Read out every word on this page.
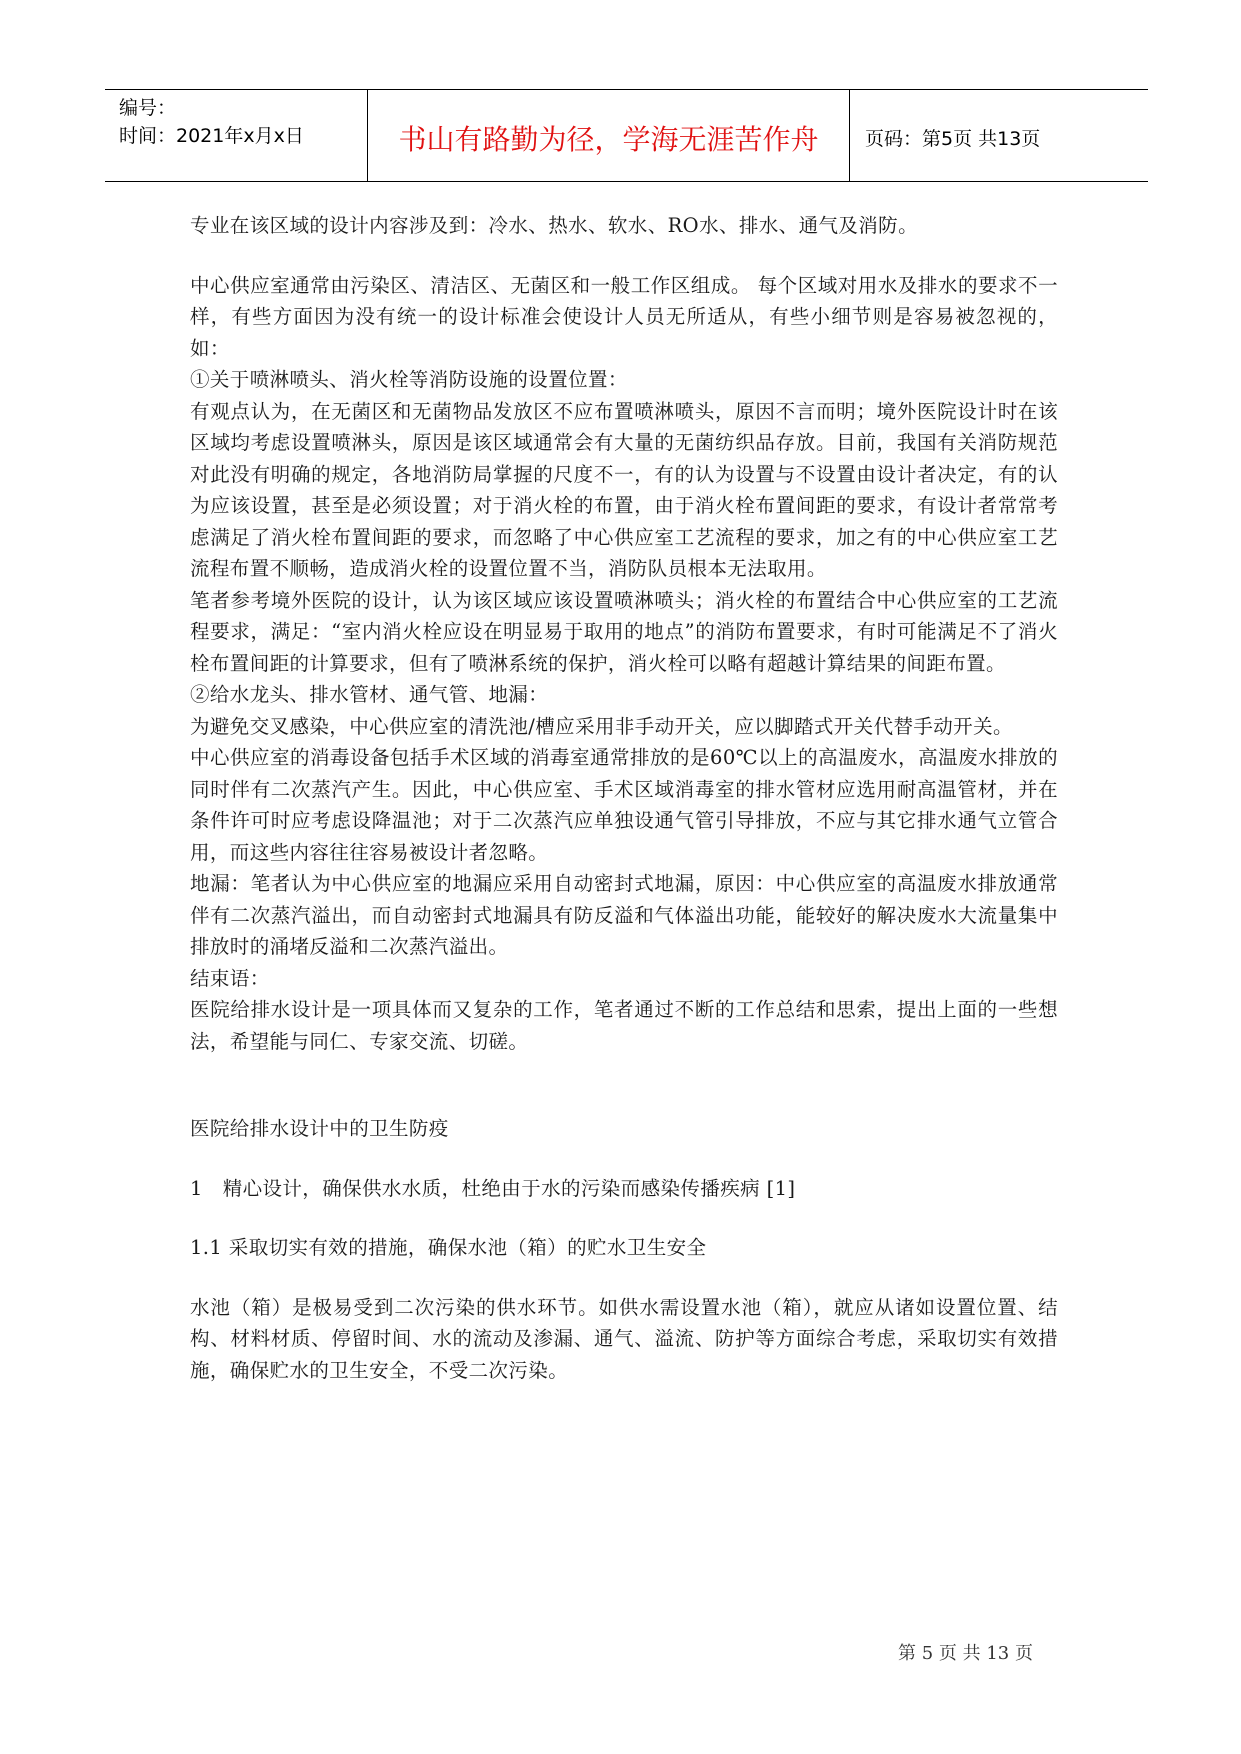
编号：
时间：2021年x月x日	书山有路勤为径，学海无涯苦作舟	页码：第5页 共13页

专业在该区域的设计内容涉及到：冷水、热水、软水、RO水、排水、通气及消防。

中心供应室通常由污染区、清洁区、无菌区和一般工作区组成。 每个区域对用水及排水的要求不一样，有些方面因为没有统一的设计标准会使设计人员无所适从，有些小细节则是容易被忽视的，如：

①关于喷淋喷头、消火栓等消防设施的设置位置：

有观点认为，在无菌区和无菌物品发放区不应布置喷淋喷头，原因不言而明；境外医院设计时在该区域均考虑设置喷淋头，原因是该区域通常会有大量的无菌纺织品存放。目前，我国有关消防规范对此没有明确的规定，各地消防局掌握的尺度不一，有的认为设置与不设置由设计者决定，有的认为应该设置，甚至是必须设置；对于消火栓的布置，由于消火栓布置间距的要求，有设计者常常考虑满足了消火栓布置间距的要求，而忽略了中心供应室工艺流程的要求，加之有的中心供应室工艺流程布置不顺畅，造成消火栓的设置位置不当，消防队员根本无法取用。

笔者参考境外医院的设计，认为该区域应该设置喷淋喷头；消火栓的布置结合中心供应室的工艺流程要求，满足：“室内消火栓应设在明显易于取用的地点”的消防布置要求，有时可能满足不了消火栓布置间距的计算要求，但有了喷淋系统的保护，消火栓可以略有超越计算结果的间距布置。

②给水龙头、排水管材、通气管、地漏：

为避免交叉感染，中心供应室的清洗池/槽应采用非手动开关，应以脚踏式开关代替手动开关。

中心供应室的消毒设备包括手术区域的消毒室通常排放的是60℃以上的高温废水，高温废水排放的同时伴有二次蒸汽产生。因此，中心供应室、手术区域消毒室的排水管材应选用耐高温管材，并在条件许可时应考虑设降温池；对于二次蒸汽应单独设通气管引导排放，不应与其它排水通气立管合用，而这些内容往往容易被设计者忽略。

地漏：笔者认为中心供应室的地漏应采用自动密封式地漏，原因：中心供应室的高温废水排放通常伴有二次蒸汽溢出，而自动密封式地漏具有防反溢和气体溢出功能，能较好的解决废水大流量集中排放时的涌堵反溢和二次蒸汽溢出。

结束语：

医院给排水设计是一项具体而又复杂的工作，笔者通过不断的工作总结和思索，提出上面的一些想法，希望能与同仁、专家交流、切磋。

医院给排水设计中的卫生防疫

1　精心设计，确保供水水质，杜绝由于水的污染而感染传播疾病 [1]

1.1 采取切实有效的措施，确保水池（箱）的贮水卫生安全

水池（箱）是极易受到二次污染的供水环节。如供水需设置水池（箱），就应从诸如设置位置、结构、材料材质、停留时间、水的流动及渗漏、通气、溢流、防护等方面综合考虑，采取切实有效措施，确保贮水的卫生安全，不受二次污染。

第 5 页 共 13 页
